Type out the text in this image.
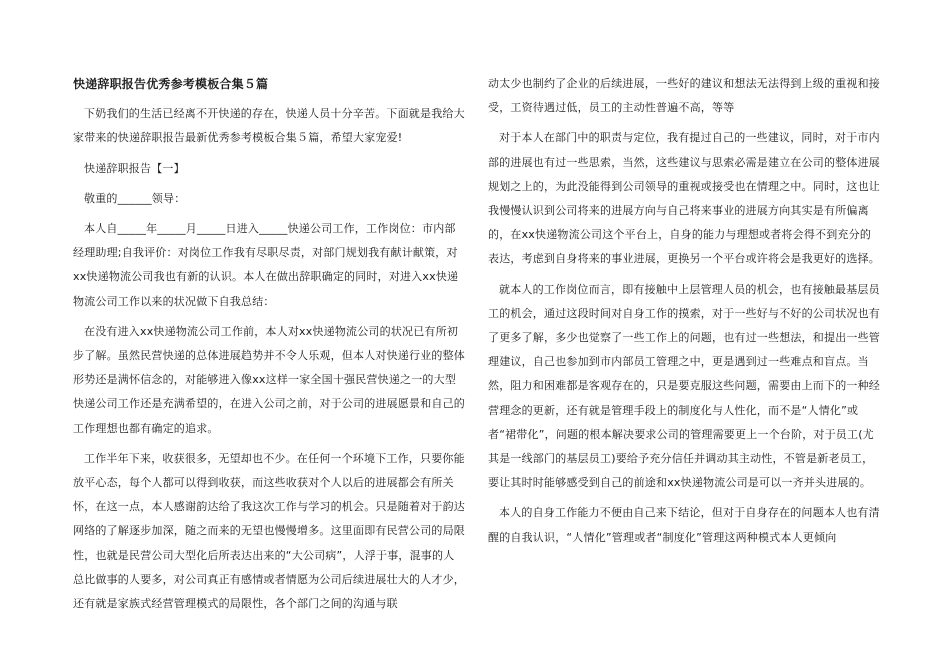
快递辞职报告优秀参考模板合集５篇

下奶我们的生活已经离不开快递的存在，快递人员十分辛苦。下面就是我给大家带来的快递辞职报告最新优秀参考模板合集５篇，希望大家宠爱!

快递辞职报告【一】

敬重的______领导：

本人自_____年_____月_____日进入_____快递公司工作，工作岗位：市内部经理助理;自我评价：对岗位工作我有尽职尽责，对部门规划我有献计献策，对xx快递物流公司我也有新的认识。本人在做出辞职确定的同时，对进入xx快递物流公司工作以来的状况做下自我总结：

在没有进入xx快递物流公司工作前，本人对xx快递物流公司的状况已有所初步了解。虽然民营快递的总体进展趋势并不令人乐观，但本人对快递行业的整体形势还是满怀信念的，对能够进入像xx这样一家全国十强民营快递之一的大型快递公司工作还是充满希望的，在进入公司之前，对于公司的进展愿景和自己的工作理想也都有确定的追求。

工作半年下来，收获很多，无望却也不少。在任何一个环境下工作，只要你能放平心态，每个人都可以得到收获，而这些收获对个人以后的进展都会有所关怀，在这一点，本人感谢韵达给了我这次工作与学习的机会。只是随着对于韵达网络的了解逐步加深，随之而来的无望也慢慢增多。这里面即有民营公司的局限性，也就是民营公司大型化后所表达出来的“大公司病”，人浮于事，混事的人总比做事的人要多，对公司真正有感情或者情愿为公司后续进展壮大的人才少，还有就是家族式经营管理模式的局限性，各个部门之间的沟通与联

动太少也制约了企业的后续进展，一些好的建议和想法无法得到上级的重视和接受，工资待遇过低，员工的主动性普遍不高，等等

对于本人在部门中的职责与定位，我有提过自己的一些建议，同时，对于市内部的进展也有过一些思索，当然，这些建议与思索必需是建立在公司的整体进展规划之上的，为此没能得到公司领导的重视或接受也在情理之中。同时，这也让我慢慢认识到公司将来的进展方向与自己将来事业的进展方向其实是有所偏离的，在xx快递物流公司这个平台上，自身的能力与理想或者将会得不到充分的表达，考虑到自身将来的事业进展，更换另一个平台或许将会是我更好的选择。

就本人的工作岗位而言，即有接触中上层管理人员的机会，也有接触最基层员工的机会，通过这段时间对自身工作的摸索，对于一些好与不好的公司状况也有了更多了解，多少也觉察了一些工作上的问题，也有过一些想法，和提出一些管理建议，自己也参加到市内部员工管理之中，更是遇到过一些难点和盲点。当然，阻力和困难都是客观存在的，只是要克服这些问题，需要由上而下的一种经营理念的更新，还有就是管理手段上的制度化与人性化，而不是“人情化”或者“裙带化”，问题的根本解决要求公司的管理需要更上一个台阶，对于员工(尤其是一线部门的基层员工)要给予充分信任并调动其主动性，不管是新老员工，要让其时时能够感受到自己的前途和xx快递物流公司是可以一齐并头进展的。

本人的自身工作能力不便由自己来下结论，但对于自身存在的问题本人也有清醒的自我认识，“人情化”管理或者“制度化”管理这两种模式本人更倾向
